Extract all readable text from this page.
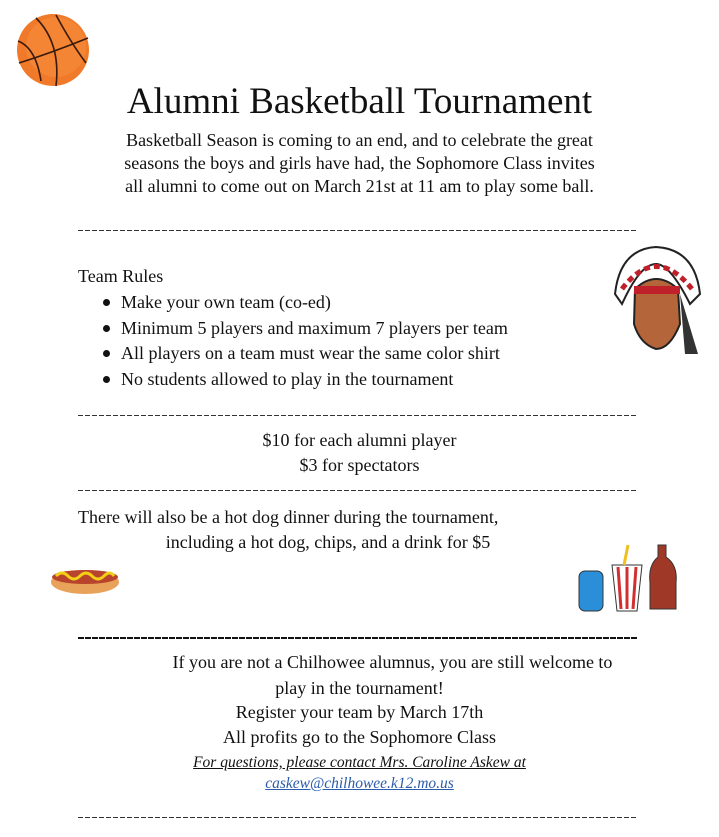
Alumni Basketball Tournament
Basketball Season is coming to an end, and to celebrate the great
seasons the boys and girls have had, the Sophomore Class invites
all alumni to come out on March 21st at 11 am to play some ball.
Team Rules
Make your own team (co-ed)
Minimum 5 players and maximum 7 players per team
All players on a team must wear the same color shirt
No students allowed to play in the tournament
$10 for each alumni player
$3 for spectators
There will also be a hot dog dinner during the tournament,
including a hot dog, chips, and a drink for $5
If you are not a Chilhowee alumnus, you are still welcome to
play in the tournament!
Register your team by March 17th
All profits go to the Sophomore Class
For questions, please contact Mrs. Caroline Askew at
caskew@chilhowee.k12.mo.us
